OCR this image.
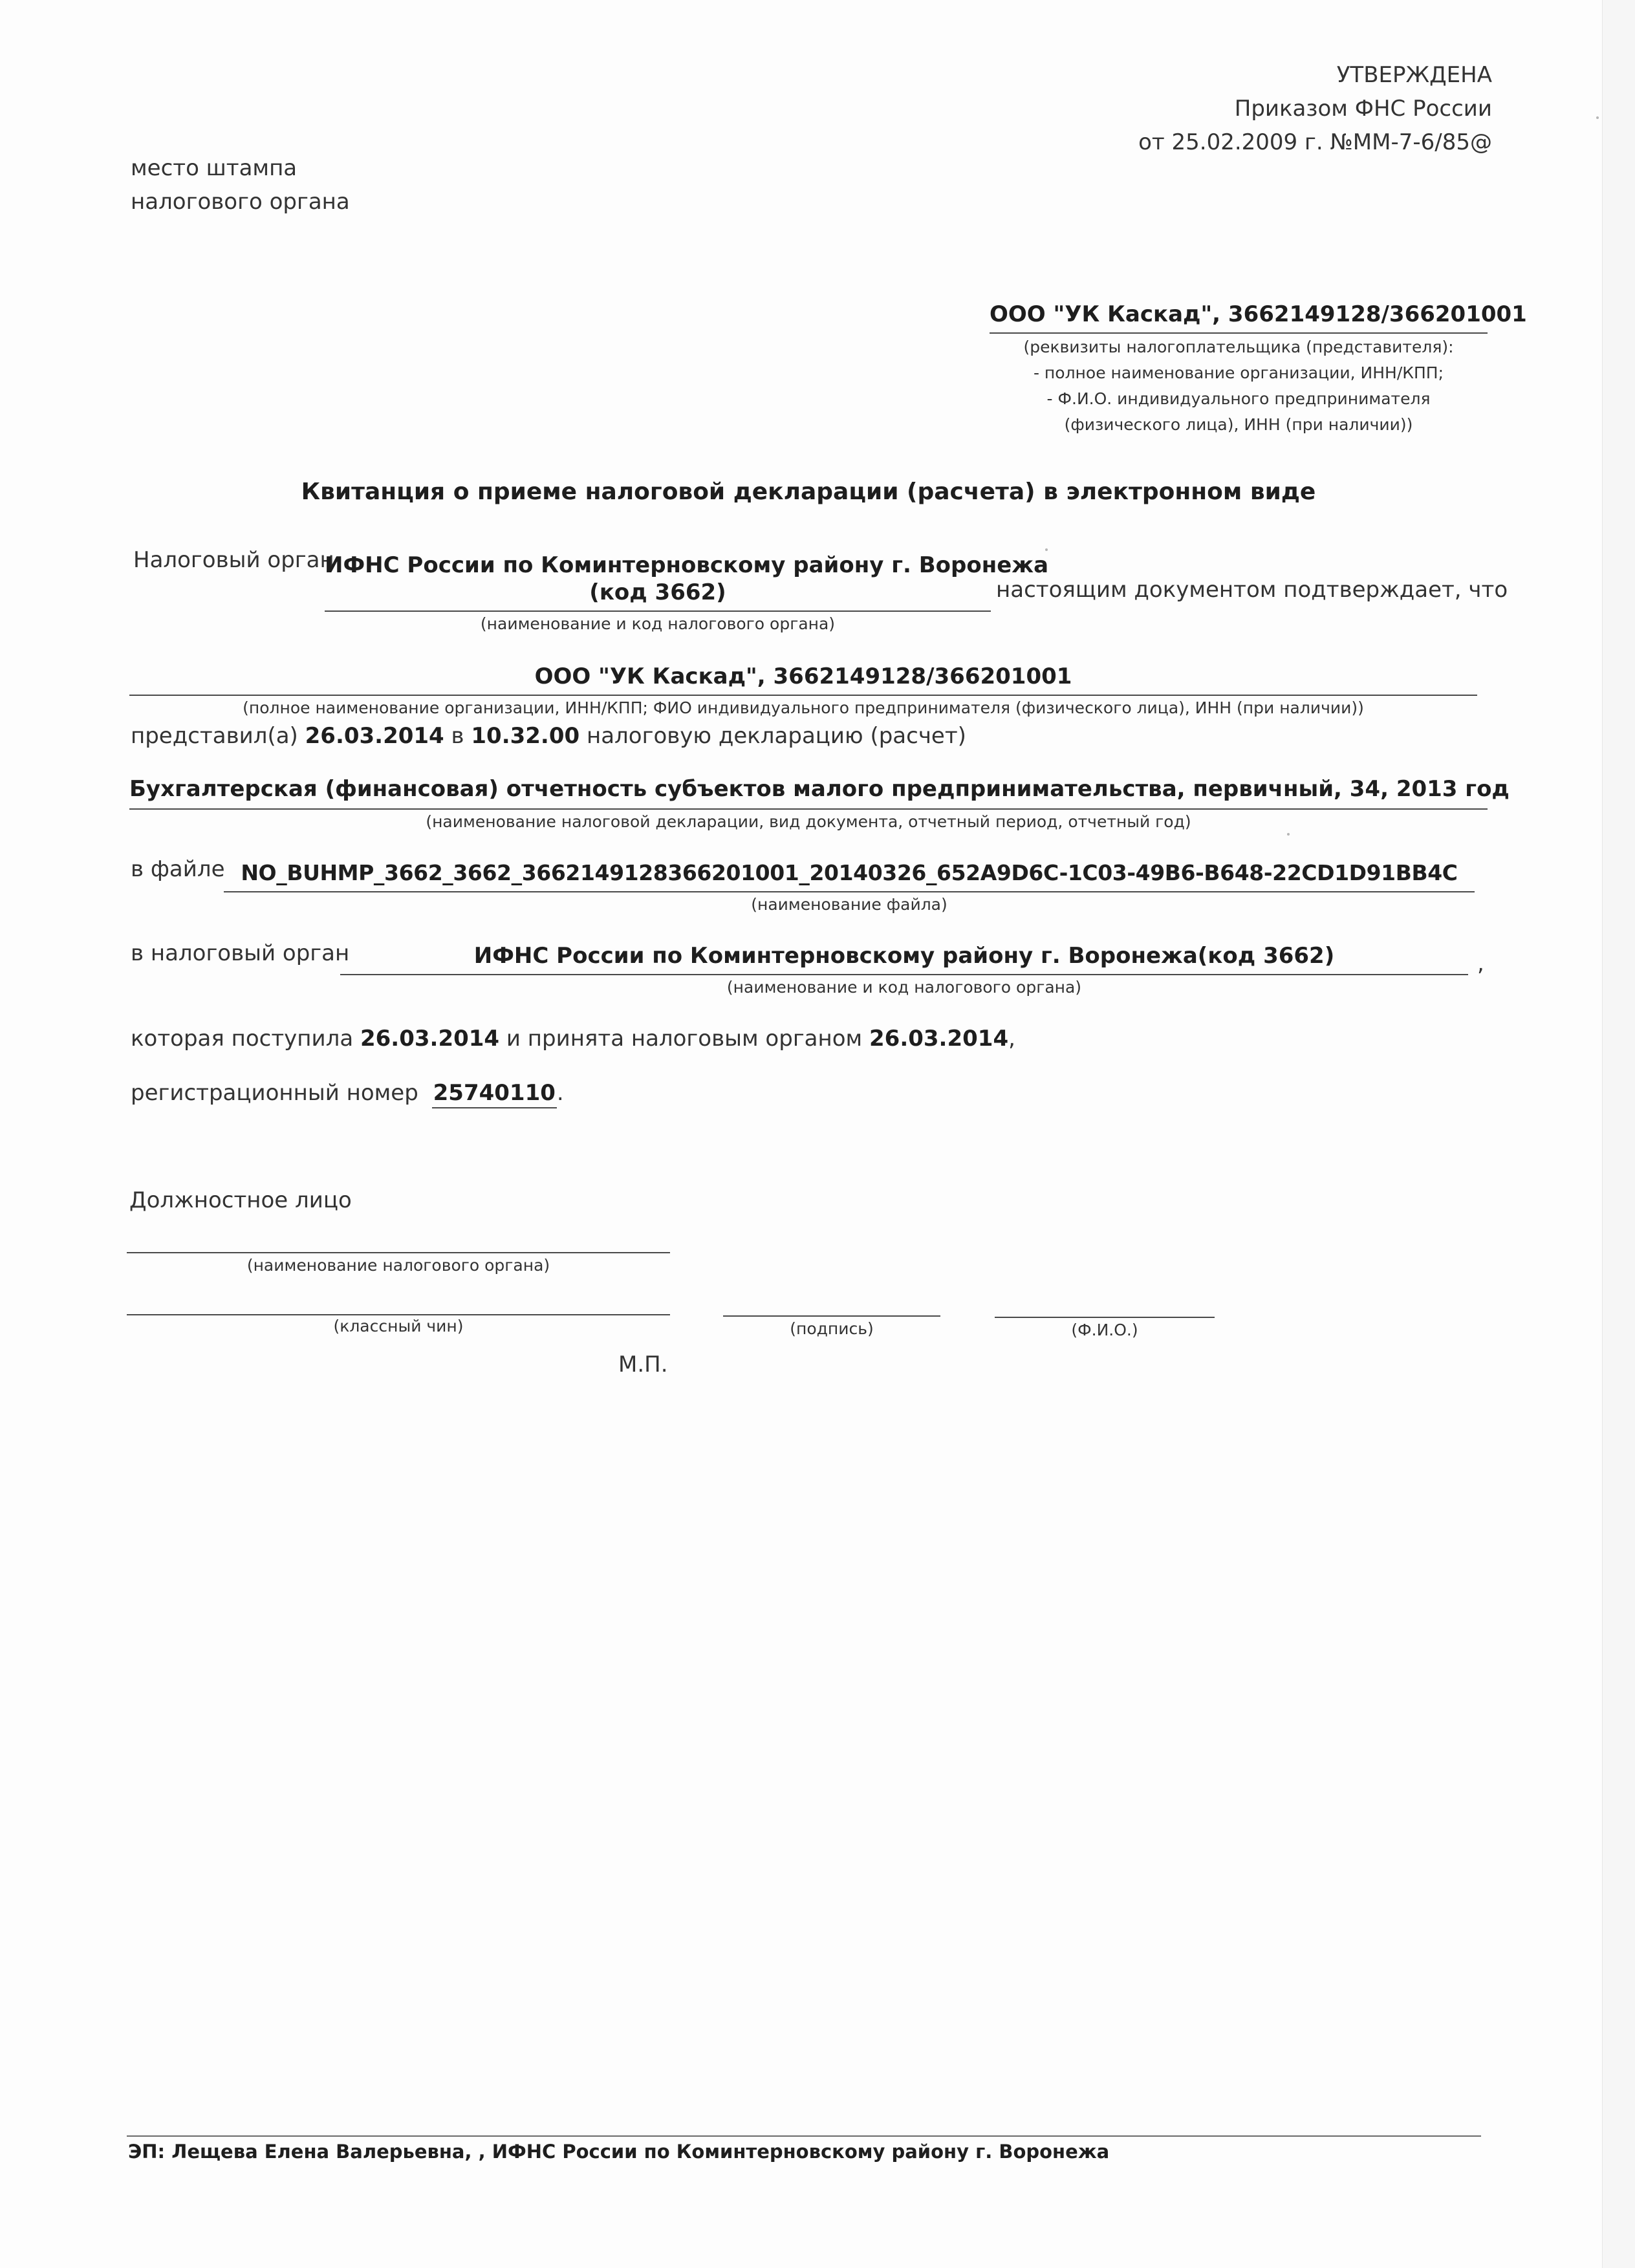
УТВЕРЖДЕНА
Приказом ФНС России
от 25.02.2009 г. №ММ-7-6/85@
место штампа
налогового органа
ООО "УК Каскад", 3662149128/366201001
(реквизиты налогоплательщика (представителя):
- полное наименование организации, ИНН/КПП;
- Ф.И.О. индивидуального предпринимателя
(физического лица), ИНН (при наличии))
Квитанция о приеме налоговой декларации (расчета) в электронном виде
Налоговый орган
ИФНС России по Коминтерновскому району г. Воронежа
(код 3662)	настоящим документом подтверждает, что
(наименование и код налогового органа)
ООО "УК Каскад", 3662149128/366201001
(полное наименование организации, ИНН/КПП; ФИО индивидуального предпринимателя (физического лица), ИНН (при наличии))
представил(а) 26.03.2014 в 10.32.00 налоговую декларацию (расчет)
Бухгалтерская (финансовая) отчетность субъектов малого предпринимательства, первичный, 34, 2013 год
(наименование налоговой декларации, вид документа, отчетный период, отчетный год)
в файле NO_BUHMP_3662_3662_3662149128366201001_20140326_652A9D6C-1C03-49B6-B648-22CD1D91BB4C
(наименование файла)
в налоговый орган	ИФНС России по Коминтерновскому району г. Воронежа(код 3662)	,
(наименование и код налогового органа)
которая поступила 26.03.2014 и принята налоговым органом 26.03.2014,
регистрационный номер 25740110.
Должностное лицо
(наименование налогового органа)
(классный чин)	(подпись)	(Ф.И.О.)
М.П.
ЭП: Лещева Елена Валерьевна, , ИФНС России по Коминтерновскому району г. Воронежа
